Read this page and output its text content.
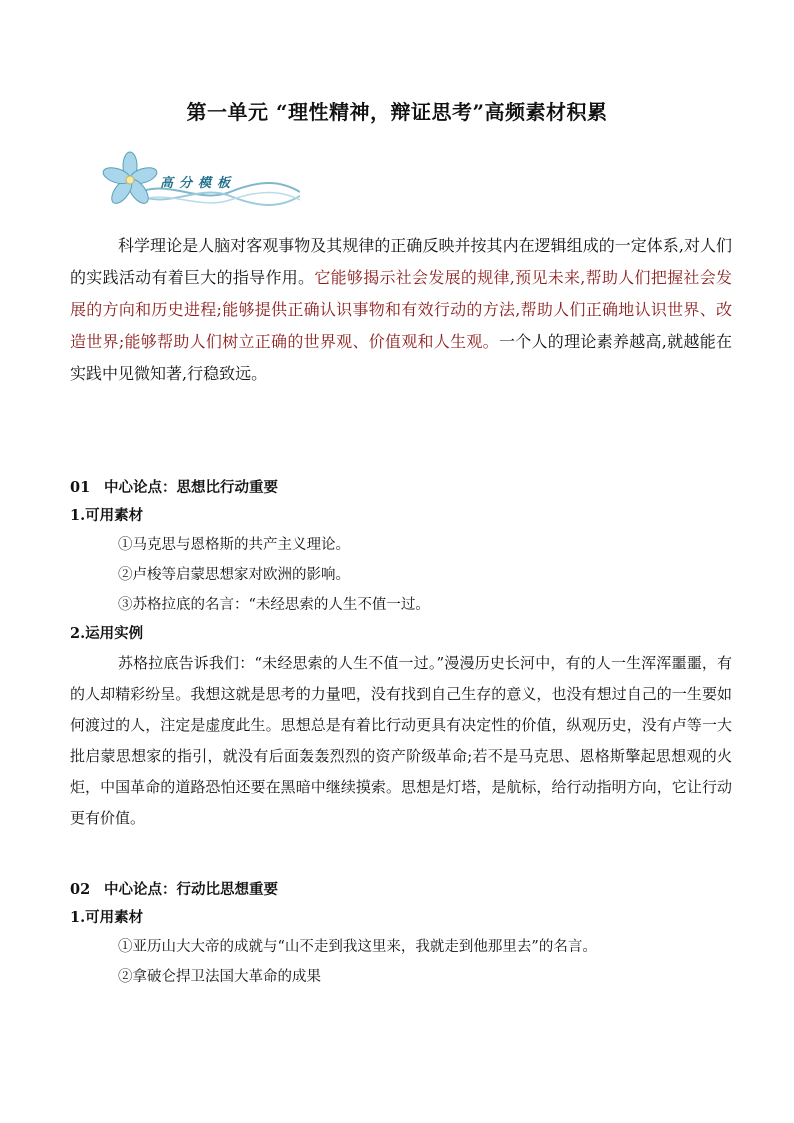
第一单元 “理性精神，辩证思考”高频素材积累
高分模板

科学理论是人脑对客观事物及其规律的正确反映并按其内在逻辑组成的一定体系,对人们的实践活动有着巨大的指导作用。它能够揭示社会发展的规律,预见未来,帮助人们把握社会发展的方向和历史进程;能够提供正确认识事物和有效行动的方法,帮助人们正确地认识世界、改造世界;能够帮助人们树立正确的世界观、价值观和人生观。一个人的理论素养越高,就越能在实践中见微知著,行稳致远。

01 中心论点：思想比行动重要
1.可用素材
①马克思与恩格斯的共产主义理论。
②卢梭等启蒙思想家对欧洲的影响。
③苏格拉底的名言：“未经思索的人生不值一过。
2.运用实例

苏格拉底告诉我们：“未经思索的人生不值一过。”漫漫历史长河中，有的人一生浑浑噩噩，有的人却精彩纷呈。我想这就是思考的力量吧，没有找到自己生存的意义，也没有想过自己的一生要如何渡过的人，注定是虚度此生。思想总是有着比行动更具有决定性的价值，纵观历史，没有卢等一大批启蒙思想家的指引，就没有后面轰轰烈烈的资产阶级革命;若不是马克思、恩格斯擎起思想观的火炬，中国革命的道路恐怕还要在黑暗中继续摸索。思想是灯塔，是航标，给行动指明方向，它让行动更有价值。

02 中心论点：行动比思想重要
1.可用素材
①亚历山大大帝的成就与“山不走到我这里来，我就走到他那里去”的名言。
②拿破仑捍卫法国大革命的成果
